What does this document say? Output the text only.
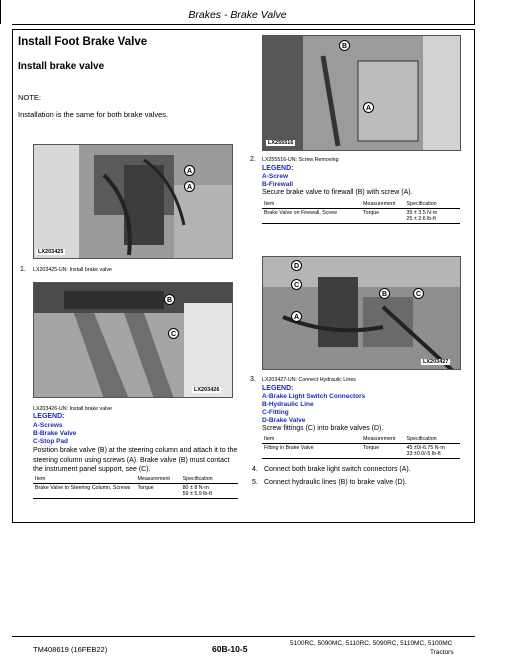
Brakes - Brake Valve
Install Foot Brake Valve
Install brake valve
NOTE:
Installation is the same for both brake valves.
A
A
LX203425
1. LX203425-UN: Install brake valve
B
C
LX203426
LX203426-UN: Install brake valve
LEGEND:
A-Screws
B-Brake Valve
C-Stop Pad
Position brake valve (B) at the steering column and attach it to the steering column using screws (A). Brake valve (B) must contact the instrument panel support, see (C).
Item	Measurement	Specification
Brake Valve to Steering Column, Screws	Torque	80 ± 8 N·m
59 ± 5.9 lb-ft
B
A
LX255516
2. LX255516-UN: Screw Removing
LEGEND:
A-Screw
B-Firewall
Secure brake valve to firewall (B) with screw (A).
Item	Measurement	Specification
Brake Valve on Firewall, Screw	Torque	35 ± 3.5 N·m
25 ± 2.6 lb-ft
D
C
A
B	C
LX203427
3. LX203427-UN: Connect Hydraulic Lines
LEGEND:
A-Brake Light Switch Connectors
B-Hydraulic Line
C-Fitting
D-Brake Valve
Screw fittings (C) into brake valves (D).
Item	Measurement	Specification
Fitting in Brake Valve	Torque	45 ±0/-6.75 N·m
33 ±0.0/-5 lb-ft
4. Connect both brake light switch connectors (A).
5. Connect hydraulic lines (B) to brake valve (D).
TM408619 (16FEB22)	60B-10-5
5100RC, 5090MC, 5110RC, 5090RC, 5110MC, 5100MC
Tractors
